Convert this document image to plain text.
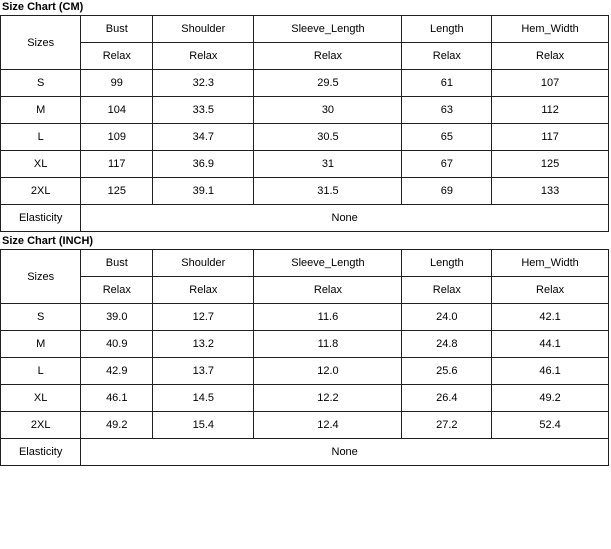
Size Chart (CM)
Sizes	Bust	Shoulder	Sleeve_Length	Length	Hem_Width
	Relax	Relax	Relax	Relax	Relax
S	99	32.3	29.5	61	107
M	104	33.5	30	63	112
L	109	34.7	30.5	65	117
XL	117	36.9	31	67	125
2XL	125	39.1	31.5	69	133
Elasticity	None				
Size Chart (INCH)
Sizes	Bust	Shoulder	Sleeve_Length	Length	Hem_Width
	Relax	Relax	Relax	Relax	Relax
S	39.0	12.7	11.6	24.0	42.1
M	40.9	13.2	11.8	24.8	44.1
L	42.9	13.7	12.0	25.6	46.1
XL	46.1	14.5	12.2	26.4	49.2
2XL	49.2	15.4	12.4	27.2	52.4
Elasticity	None				
